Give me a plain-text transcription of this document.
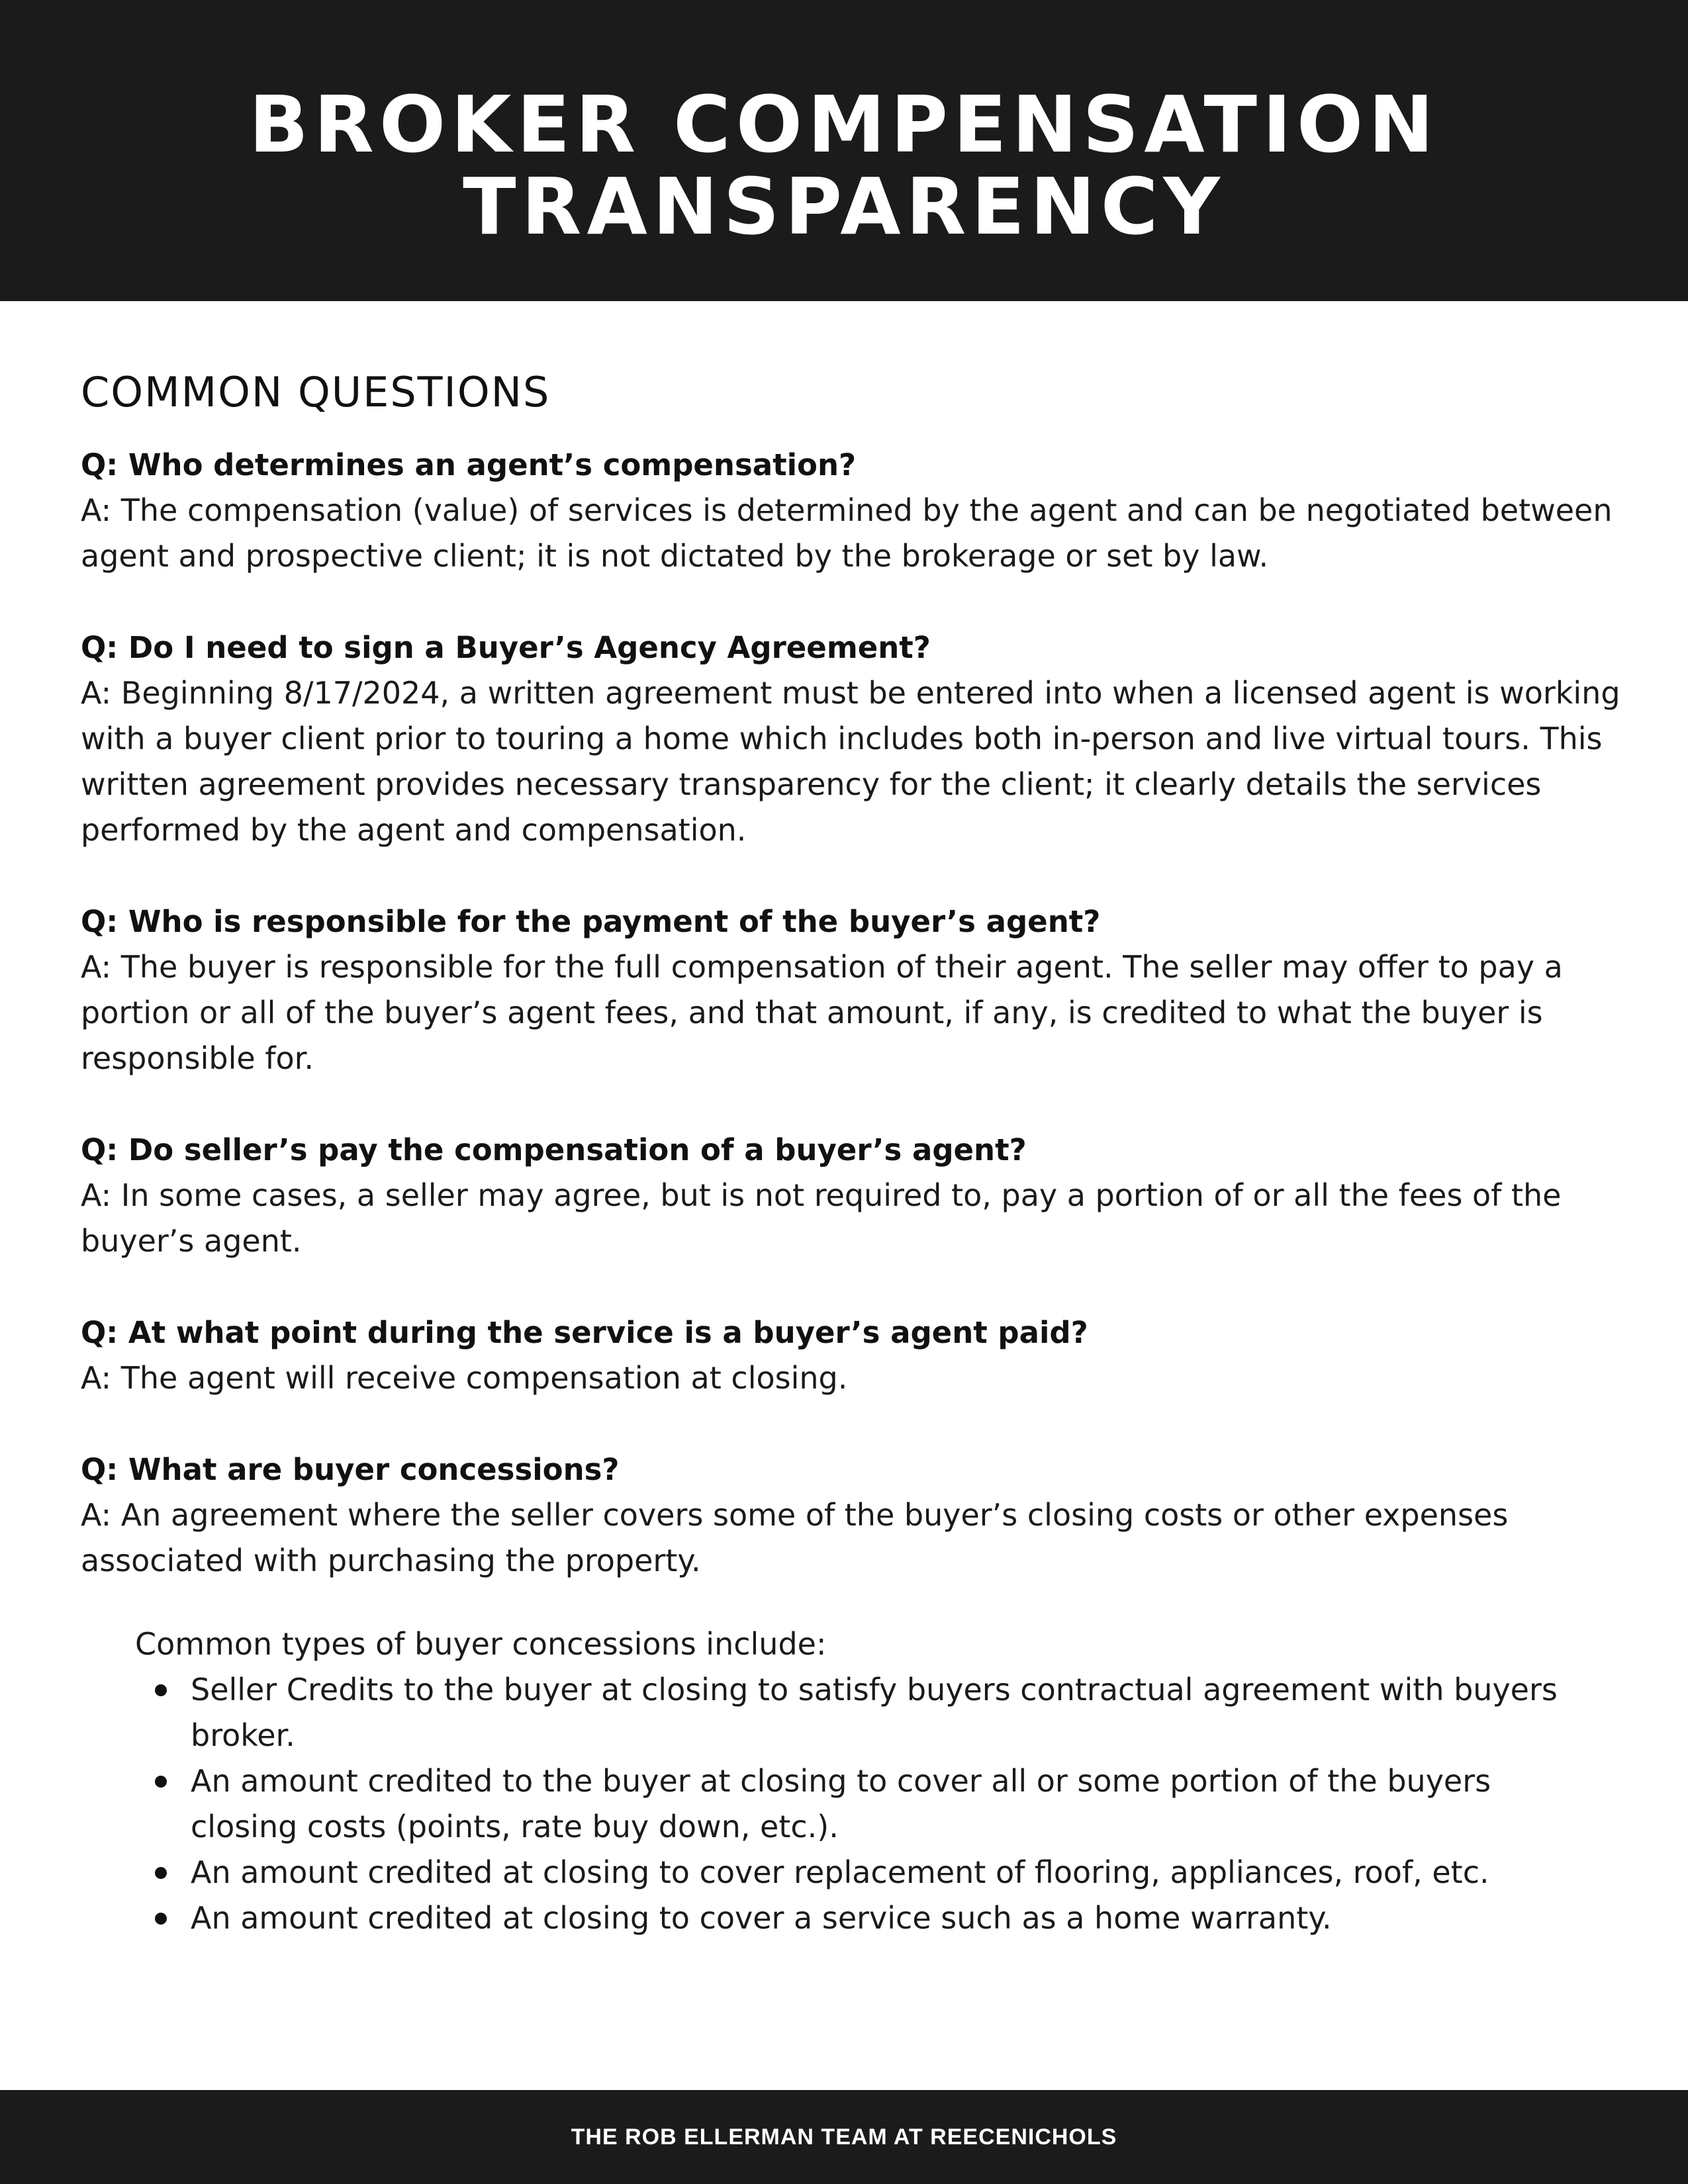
BROKER COMPENSATION
TRANSPARENCY
COMMON QUESTIONS
Q: Who determines an agent’s compensation?
A: The compensation (value) of services is determined by the agent and can be negotiated between agent and prospective client; it is not dictated by the brokerage or set by law.
Q: Do I need to sign a Buyer’s Agency Agreement?
A: Beginning 8/17/2024, a written agreement must be entered into when a licensed agent is working with a buyer client prior to touring a home which includes both in-person and live virtual tours. This written agreement provides necessary transparency for the client; it clearly details the services performed by the agent and compensation.
Q: Who is responsible for the payment of the buyer’s agent?
A: The buyer is responsible for the full compensation of their agent. The seller may offer to pay a portion or all of the buyer’s agent fees, and that amount, if any, is credited to what the buyer is responsible for.
Q: Do seller’s pay the compensation of a buyer’s agent?
A: In some cases, a seller may agree, but is not required to, pay a portion of or all the fees of the buyer’s agent.
Q: At what point during the service is a buyer’s agent paid?
A: The agent will receive compensation at closing.
Q: What are buyer concessions?
A: An agreement where the seller covers some of the buyer’s closing costs or other expenses associated with purchasing the property.
Common types of buyer concessions include:
Seller Credits to the buyer at closing to satisfy buyers contractual agreement with buyers broker.
An amount credited to the buyer at closing to cover all or some portion of the buyers closing costs (points, rate buy down, etc.).
An amount credited at closing to cover replacement of flooring, appliances, roof, etc.
An amount credited at closing to cover a service such as a home warranty.
THE ROB ELLERMAN TEAM AT REECENICHOLS
